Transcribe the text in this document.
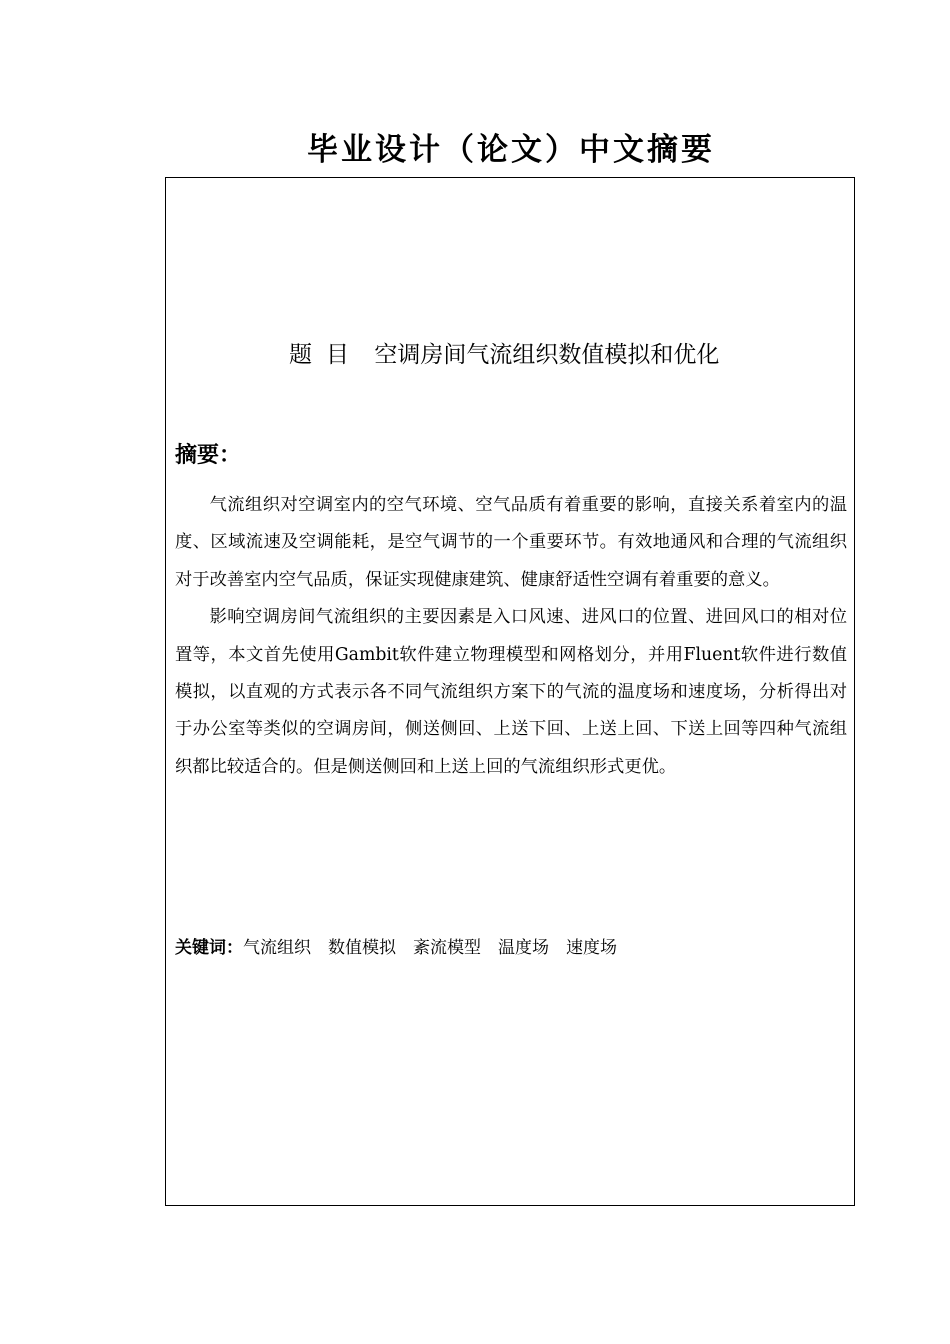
毕业设计（论文）中文摘要
题目 空调房间气流组织数值模拟和优化
摘要：

气流组织对空调室内的空气环境、空气品质有着重要的影响，直接关系着室内的温度、区域流速及空调能耗，是空气调节的一个重要环节。有效地通风和合理的气流组织对于改善室内空气品质，保证实现健康建筑、健康舒适性空调有着重要的意义。

影响空调房间气流组织的主要因素是入口风速、进风口的位置、进回风口的相对位置等，本文首先使用Gambit软件建立物理模型和网格划分，并用Fluent软件进行数值模拟，以直观的方式表示各不同气流组织方案下的气流的温度场和速度场，分析得出对于办公室等类似的空调房间，侧送侧回、上送下回、上送上回、下送上回等四种气流组织都比较适合的。但是侧送侧回和上送上回的气流组织形式更优。

关键词：气流组织 数值模拟 紊流模型 温度场 速度场
